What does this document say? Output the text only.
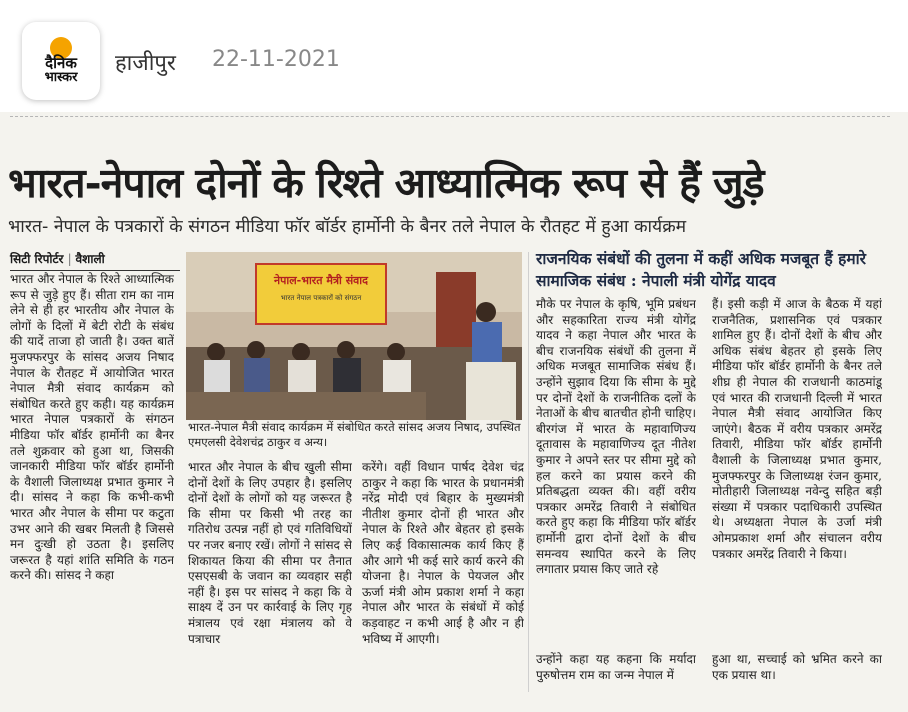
दैनिक
भास्कर
हाजीपुर 22-11-2021
भारत-नेपाल दोनों के रिश्ते आध्यात्मिक रूप से हैं जुड़े
भारत- नेपाल के पत्रकारों के संगठन मीडिया फॉर बॉर्डर हार्मोनी के बैनर तले नेपाल के रौतहट में हुआ कार्यक्रम
सिटी रिपोर्टर | वैशाली
भारत और नेपाल के रिश्ते आध्यात्मिक रूप से जुड़े हुए हैं। सीता राम का नाम लेने से ही हर भारतीय और नेपाल के लोगों के दिलों में बेटी रोटी के संबंध की यादें ताजा हो जाती है। उक्त बातें मुजफ्फरपुर के सांसद अजय निषाद नेपाल के रौतहट में आयोजित भारत नेपाल मैत्री संवाद कार्यक्रम को संबोधित करते हुए कही। यह कार्यक्रम भारत नेपाल पत्रकारों के संगठन मीडिया फॉर बॉर्डर हार्मोनी का बैनर तले शुक्रवार को हुआ था, जिसकी जानकारी मीडिया फॉर बॉर्डर हार्मोनी के वैशाली जिलाध्यक्ष प्रभात कुमार ने दी। सांसद ने कहा कि कभी-कभी भारत और नेपाल के सीमा पर कटुता उभर आने की खबर मिलती है जिससे मन दुःखी हो उठता है। इसलिए जरूरत है यहां शांति समिति के गठन करने की। सांसद ने कहा
नेपाल-भारत मैत्री संवाद
भारत नेपाल पत्रकारों को संगठन
भारत-नेपाल मैत्री संवाद कार्यक्रम में संबोधित करते सांसद अजय निषाद, उपस्थित एमएलसी देवेशचंद्र ठाकुर व अन्य।
भारत और नेपाल के बीच खुली सीमा दोनों देशों के लिए उपहार है। इसलिए दोनों देशों के लोगों को यह जरूरत है कि सीमा पर किसी भी तरह का गतिरोध उत्पन्न नहीं हो एवं गतिविधियों पर नजर बनाए रखें। लोगों ने सांसद से शिकायत किया की सीमा पर तैनात एसएसबी के जवान का व्यवहार सही नहीं है। इस पर सांसद ने कहा कि वे साक्ष्य दें उन पर कार्रवाई के लिए गृह मंत्रालय एवं रक्षा मंत्रालय को वे पत्राचार
करेंगे। वहीं विधान पार्षद देवेश चंद्र ठाकुर ने कहा कि भारत के प्रधानमंत्री नरेंद्र मोदी एवं बिहार के मुख्यमंत्री नीतीश कुमार दोनों ही भारत और नेपाल के रिश्ते और बेहतर हो इसके लिए कई विकासात्मक कार्य किए हैं और आगे भी कई सारे कार्य करने की योजना है। नेपाल के पेयजल और ऊर्जा मंत्री ओम प्रकाश शर्मा ने कहा नेपाल और भारत के संबंधों में कोई कड़वाहट न कभी आई है और न ही भविष्य में आएगी।
राजनयिक संबंधों की तुलना में कहीं अधिक मजबूत हैं हमारे सामाजिक संबंध : नेपाली मंत्री योगेंद्र यादव
मौके पर नेपाल के कृषि, भूमि प्रबंधन और सहकारिता राज्य मंत्री योगेंद्र यादव ने कहा नेपाल और भारत के बीच राजनयिक संबंधों की तुलना में अधिक मजबूत सामाजिक संबंध हैं। उन्होंने सुझाव दिया कि सीमा के मुद्दे पर दोनों देशों के राजनीतिक दलों के नेताओं के बीच बातचीत होनी चाहिए। बीरगंज में भारत के महावाणिज्य दूतावास के महावाणिज्य दूत नीतेश कुमार ने अपने स्तर पर सीमा मुद्दे को हल करने का प्रयास करने की प्रतिबद्धता व्यक्त की। वहीं वरीय पत्रकार अमरेंद्र तिवारी ने संबोधित करते हुए कहा कि मीडिया फॉर बॉर्डर हार्मोनी द्वारा दोनों देशों के बीच समन्वय स्थापित करने के लिए लगातार प्रयास किए जाते रहे
उन्होंने कहा यह कहना कि मर्यादा पुरुषोत्तम राम का जन्म नेपाल में
हैं। इसी कड़ी में आज के बैठक में यहां राजनैतिक, प्रशासनिक एवं पत्रकार शामिल हुए हैं। दोनों देशों के बीच और अधिक संबंध बेहतर हो इसके लिए मीडिया फॉर बॉर्डर हार्मोनी के बैनर तले शीघ्र ही नेपाल की राजधानी काठमांडू एवं भारत की राजधानी दिल्ली में भारत नेपाल मैत्री संवाद आयोजित किए जाएंगे। बैठक में वरीय पत्रकार अमरेंद्र तिवारी, मीडिया फॉर बॉर्डर हार्मोनी वैशाली के जिलाध्यक्ष प्रभात कुमार, मुजफ्फरपुर के जिलाध्यक्ष रंजन कुमार, मोतीहारी जिलाध्यक्ष नवेन्दु सहित बड़ी संख्या में पत्रकार पदाधिकारी उपस्थित थे। अध्यक्षता नेपाल के उर्जा मंत्री ओमप्रकाश शर्मा और संचालन वरीय पत्रकार अमरेंद्र तिवारी ने किया।
हुआ था, सच्चाई को भ्रमित करने का एक प्रयास था।
